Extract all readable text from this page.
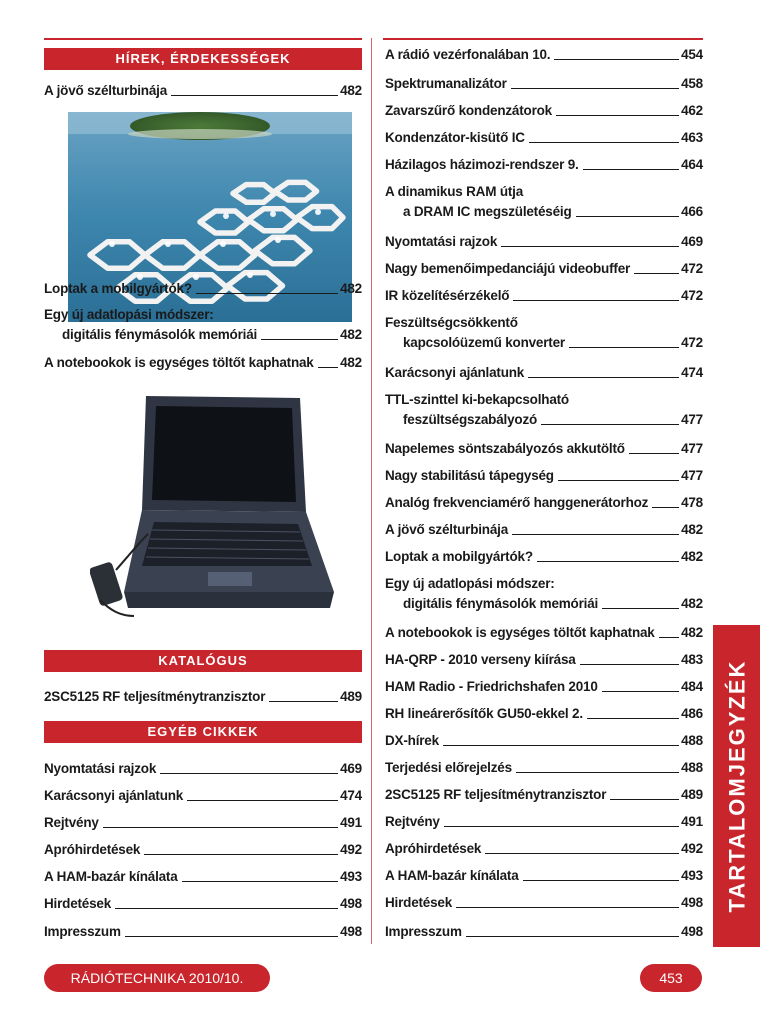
HÍREK, ÉRDEKESSÉGEK
A jövő szélturbinája	482
Loptak a mobilgyártók?	482
Egy új adatlopási módszer:
digitális fénymásolók memóriái	482
A notebookok is egységes töltőt kaphatnak 482
KATALÓGUS
2SC5125 RF teljesítménytranzisztor	489
EGYÉB CIKKEK
Nyomtatási rajzok	469
Karácsonyi ajánlatunk	474
Rejtvény	491
Apróhirdetések	492
A HAM-bazár kínálata	493
Hirdetések	498
Impresszum	498
A rádió vezérfonalában 10.	454
Spektrumanalizátor	458
Zavarszűrő kondenzátorok	462
Kondenzátor-kisütő IC	463
Házilagos házimozi-rendszer 9.	464
A dinamikus RAM útja
a DRAM IC megszületéséig	466
Nyomtatási rajzok	469
Nagy bemenőimpedanciájú videobuffer	472
IR közelítésérzékelő	472
Feszültségcsökkentő
kapcsolóüzemű konverter	472
Karácsonyi ajánlatunk	474
TTL-szinttel ki-bekapcsolható
feszültségszabályozó	477
Napelemes söntszabályozós akkutöltő	477
Nagy stabilitású tápegység	477
Analóg frekvenciamérő hanggenerátorhoz 478
A jövő szélturbinája	482
Loptak a mobilgyártók?	482
Egy új adatlopási módszer:
digitális fénymásolók memóriái	482
A notebookok is egységes töltőt kaphatnak 482
HA-QRP - 2010 verseny kiírása	483
HAM Radio - Friedrichshafen 2010	484
RH lineárerősítők GU50-ekkel 2.	486
DX-hírek	488
Terjedési előrejelzés	488
2SC5125 RF teljesítménytranzisztor	489
Rejtvény	491
Apróhirdetések	492
A HAM-bazár kínálata	493
Hirdetések	498
Impresszum	498
TARTALOMJEGYZÉK
RÁDIÓTECHNIKA 2010/10.	453
